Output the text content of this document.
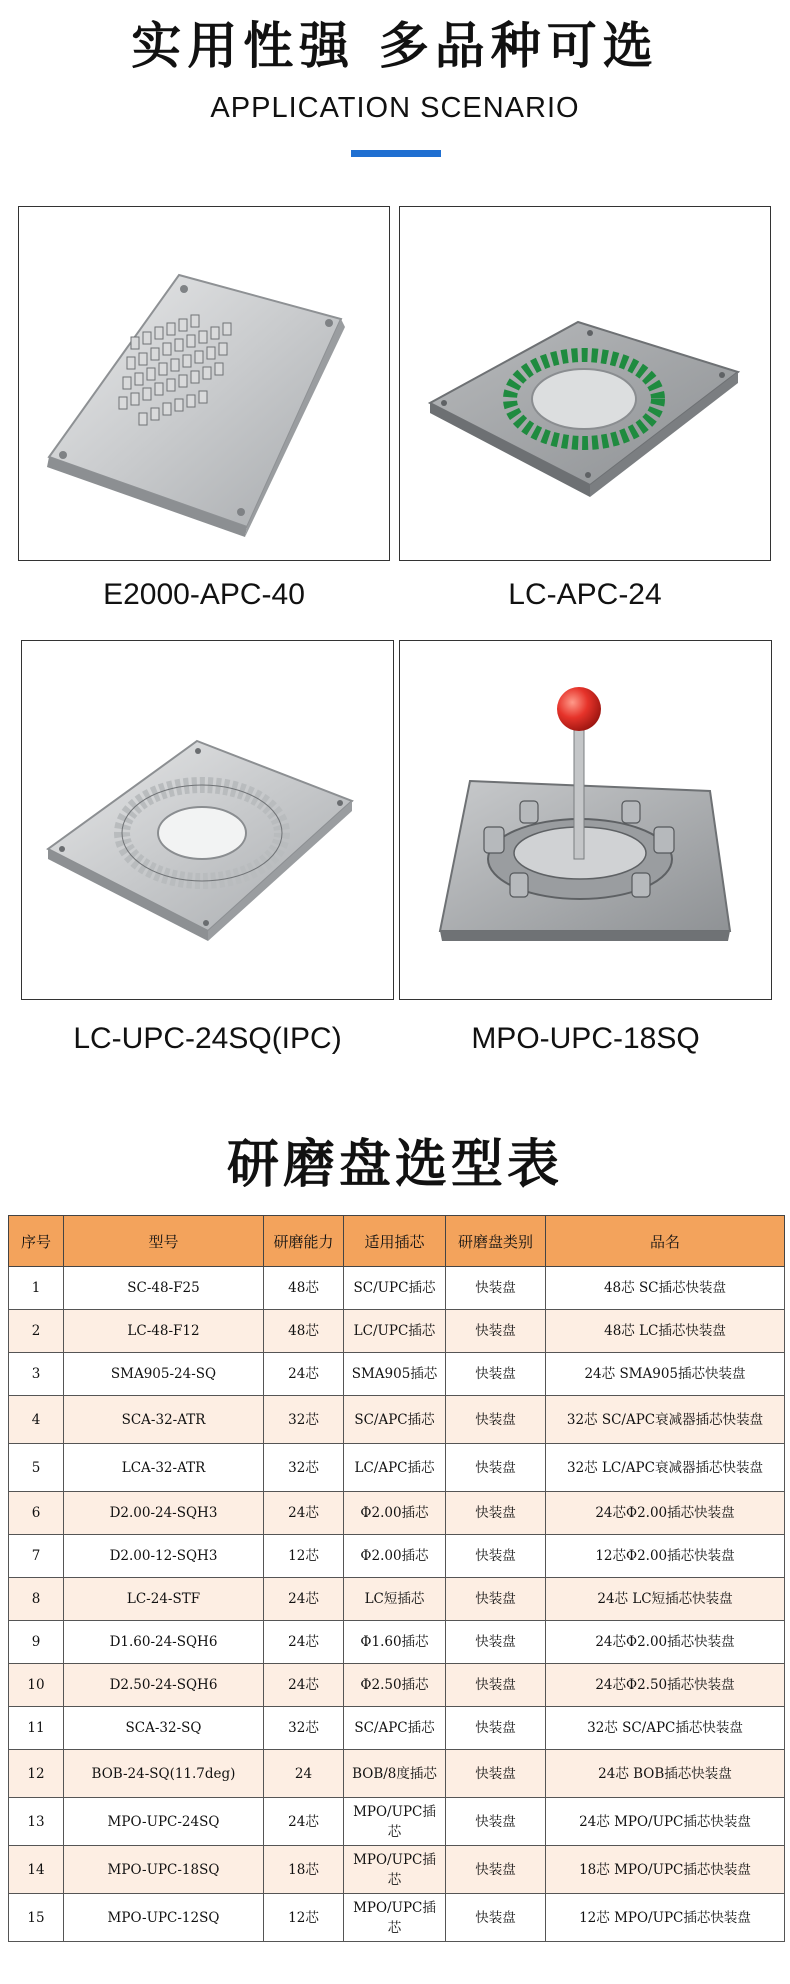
实用性强 多品种可选
APPLICATION SCENARIO
E2000-APC-40	LC-APC-24
LC-UPC-24SQ(IPC)	MPO-UPC-18SQ
研磨盘选型表
序号	型号	研磨能力	适用插芯	研磨盘类别	品名
1	SC-48-F25	48芯	SC/UPC插芯	快装盘	48芯 SC插芯快装盘
2	LC-48-F12	48芯	LC/UPC插芯	快装盘	48芯 LC插芯快装盘
3	SMA905-24-SQ	24芯	SMA905插芯	快装盘	24芯 SMA905插芯快装盘
4	SCA-32-ATR	32芯	SC/APC插芯	快装盘	32芯 SC/APC衰减器插芯快装盘
5	LCA-32-ATR	32芯	LC/APC插芯	快装盘	32芯 LC/APC衰减器插芯快装盘
6	D2.00-24-SQH3	24芯	Φ2.00插芯	快装盘	24芯Φ2.00插芯快装盘
7	D2.00-12-SQH3	12芯	Φ2.00插芯	快装盘	12芯Φ2.00插芯快装盘
8	LC-24-STF	24芯	LC短插芯	快装盘	24芯 LC短插芯快装盘
9	D1.60-24-SQH6	24芯	Φ1.60插芯	快装盘	24芯Φ2.00插芯快装盘
10	D2.50-24-SQH6	24芯	Φ2.50插芯	快装盘	24芯Φ2.50插芯快装盘
11	SCA-32-SQ	32芯	SC/APC插芯	快装盘	32芯 SC/APC插芯快装盘
12	BOB-24-SQ(11.7deg)	24	BOB/8度插芯	快装盘	24芯 BOB插芯快装盘
13	MPO-UPC-24SQ	24芯	MPO/UPC插芯	快装盘	24芯 MPO/UPC插芯快装盘
14	MPO-UPC-18SQ	18芯	MPO/UPC插芯	快装盘	18芯 MPO/UPC插芯快装盘
15	MPO-UPC-12SQ	12芯	MPO/UPC插芯	快装盘	12芯 MPO/UPC插芯快装盘
